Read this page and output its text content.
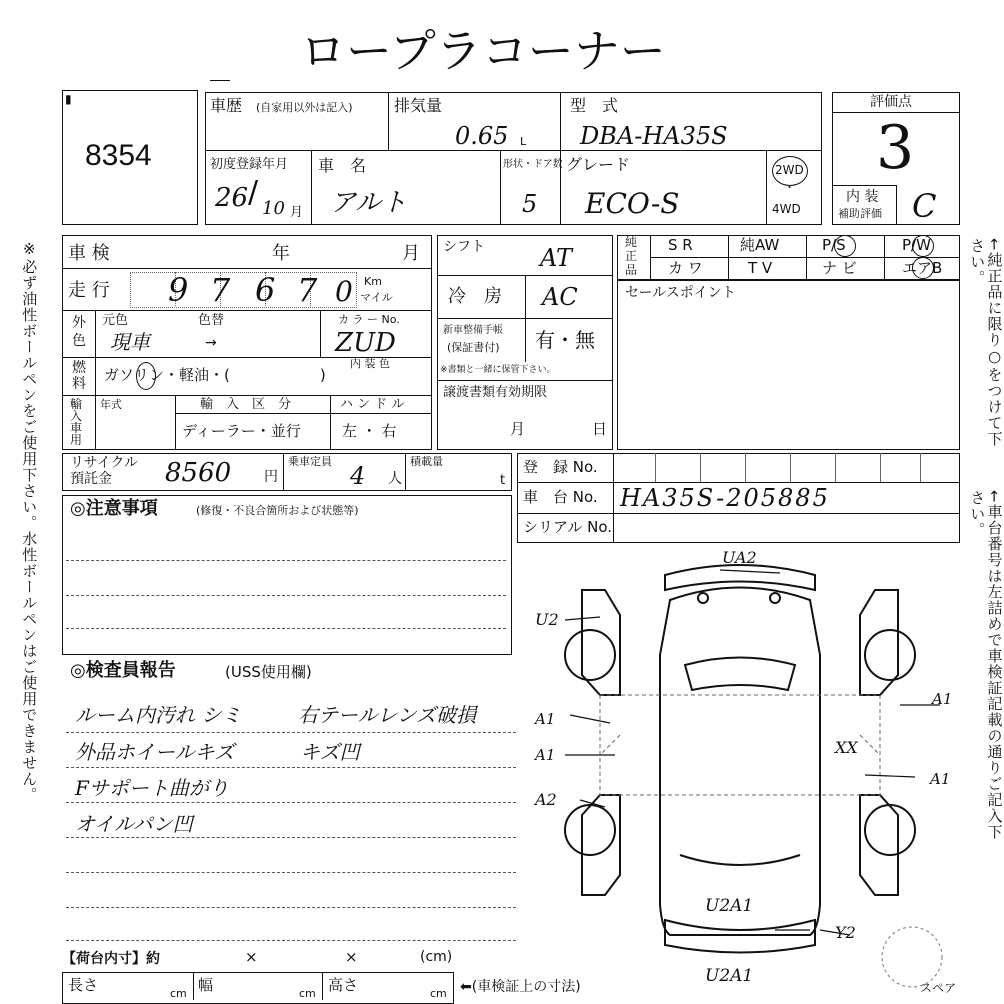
ロープラコーナー
※必ず油性ボールペンをご使用下さい。水性ボールペンはご使用できません。	←純正品に限り○をつけて下さい。
←車台番号は左詰めで車検証記載の通りご記入下さい。
▮
8354
車歴 (自家用以外は記入)	排気量
0.65 L
型　式
DBA-HA35S
初度登録年月
26 / 10 月
車　名
アルト
形状・ドア数
5
グレード
ECO-S
2WD
・
4WD
評価点
3
内 装
補助評価 C
車 検	年	月
走 行 9 7 6 7 0 Km
マイル
外
色
元色	色替
現車	→
カ ラ ー No.
ZUD
内 装 色
燃
料 ガソリン・軽油・(　　　　　　)
輸
入
車
用
年式	輸　入　区　分
ディーラー・並行
ハ ン ド ル
左 ・ 右
シフト AT
冷　房 AC
新車整備手帳
(保証書付) 有・無
※書類と一緒に保管下さい。
譲渡書類有効期限
月	日
純
正
品
S R	純AW	P/S	P/W
カ ワ	T V	ナ ビ	エアB
セールスポイント
リサイクル
預託金 8560 円
乗車定員
4 人
積載量
t
登　録 No.
車　台 No. HA35S-205885
シリアル No.
◎注意事項	(修復・不良合箇所および状態等)
◎検査員報告	(USS使用欄)
ルーム内汚れ シミ	右テールレンズ破損
外品ホイールキズ	キズ凹
Fサポート曲がり
オイルパン凹
【荷台内寸】約	×	×	(cm)
長さ	cm 幅	cm 高さ	cm ⬅(車検証上の寸法)
UA2
U2
A1
A1
A2
XX
A1
A1
U2A1
Y2
U2A1
スペア
